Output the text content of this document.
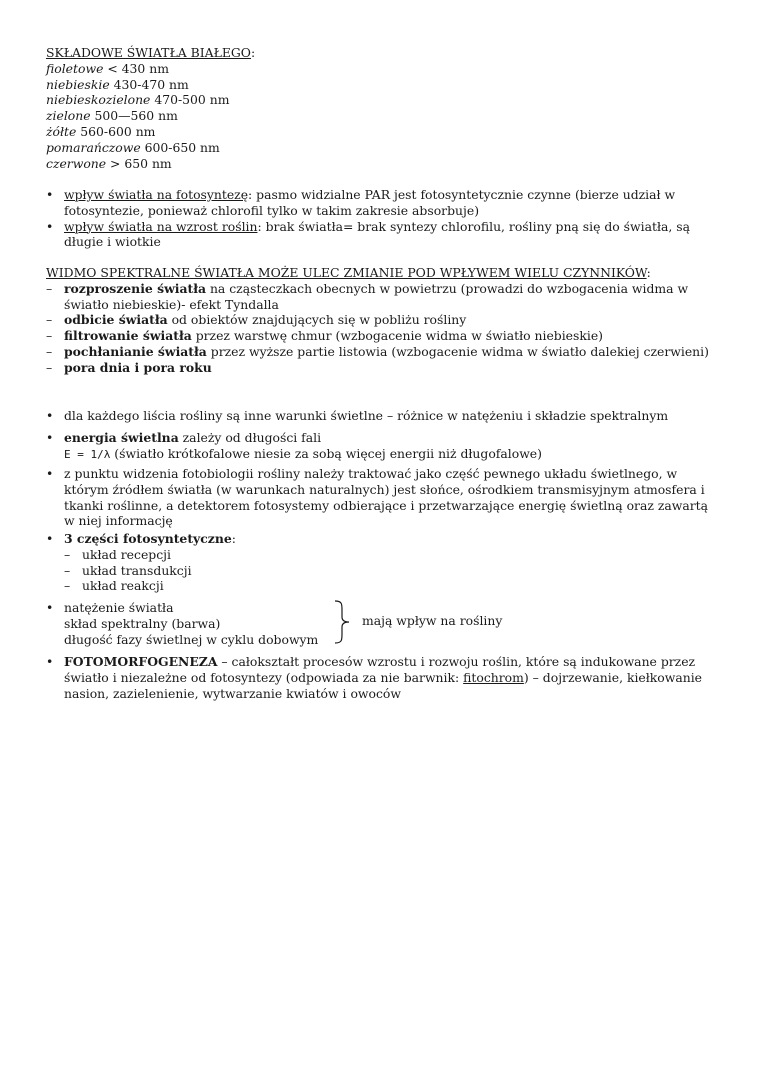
SKŁADOWE ŚWIATŁA BIAŁEGO:
fioletowe < 430 nm
niebieskie 430-470 nm
niebieskozielone 470-500 nm
zielone 500—560 nm
żółte 560-600 nm
pomarańczowe 600-650 nm
czerwone > 650 nm
• wpływ światła na fotosyntezę: pasmo widzialne PAR jest fotosyntetycznie czynne (bierze udział w fotosyntezie, ponieważ chlorofil tylko w takim zakresie absorbuje)
• wpływ światła na wzrost roślin: brak światła= brak syntezy chlorofilu, rośliny pną się do światła, są długie i wiotkie
WIDMO SPEKTRALNE ŚWIATŁA MOŻE ULEC ZMIANIE POD WPŁYWEM WIELU CZYNNIKÓW:
– rozproszenie światła na cząsteczkach obecnych w powietrzu (prowadzi do wzbogacenia widma w światło niebieskie)- efekt Tyndalla
– odbicie światła od obiektów znajdujących się w pobliżu rośliny
– filtrowanie światła przez warstwę chmur (wzbogacenie widma w światło niebieskie)
– pochłanianie światła przez wyższe partie listowia (wzbogacenie widma w światło dalekiej czerwieni)
– pora dnia i pora roku
• dla każdego liścia rośliny są inne warunki świetlne – różnice w natężeniu i składzie spektralnym
• energia świetlna zależy od długości fali
E = 1/λ (światło krótkofalowe niesie za sobą więcej energii niż długofalowe)
• z punktu widzenia fotobiologii rośliny należy traktować jako część pewnego układu świetlnego, w którym źródłem światła (w warunkach naturalnych) jest słońce, ośrodkiem transmisyjnym atmosfera i tkanki roślinne, a detektorem fotosystemy odbierające i przetwarzające energię świetlną oraz zawartą w niej informację
• 3 części fotosyntetyczne:
– układ recepcji
– układ transdukcji
– układ reakcji
• natężenie światła
skład spektralny (barwa)
długość fazy świetlnej w cyklu dobowym
mają wpływ na rośliny
• FOTOMORFOGENEZA – całokształt procesów wzrostu i rozwoju roślin, które są indukowane przez światło i niezależne od fotosyntezy (odpowiada za nie barwnik: fitochrom) – dojrzewanie, kiełkowanie nasion, zazielenienie, wytwarzanie kwiatów i owoców
